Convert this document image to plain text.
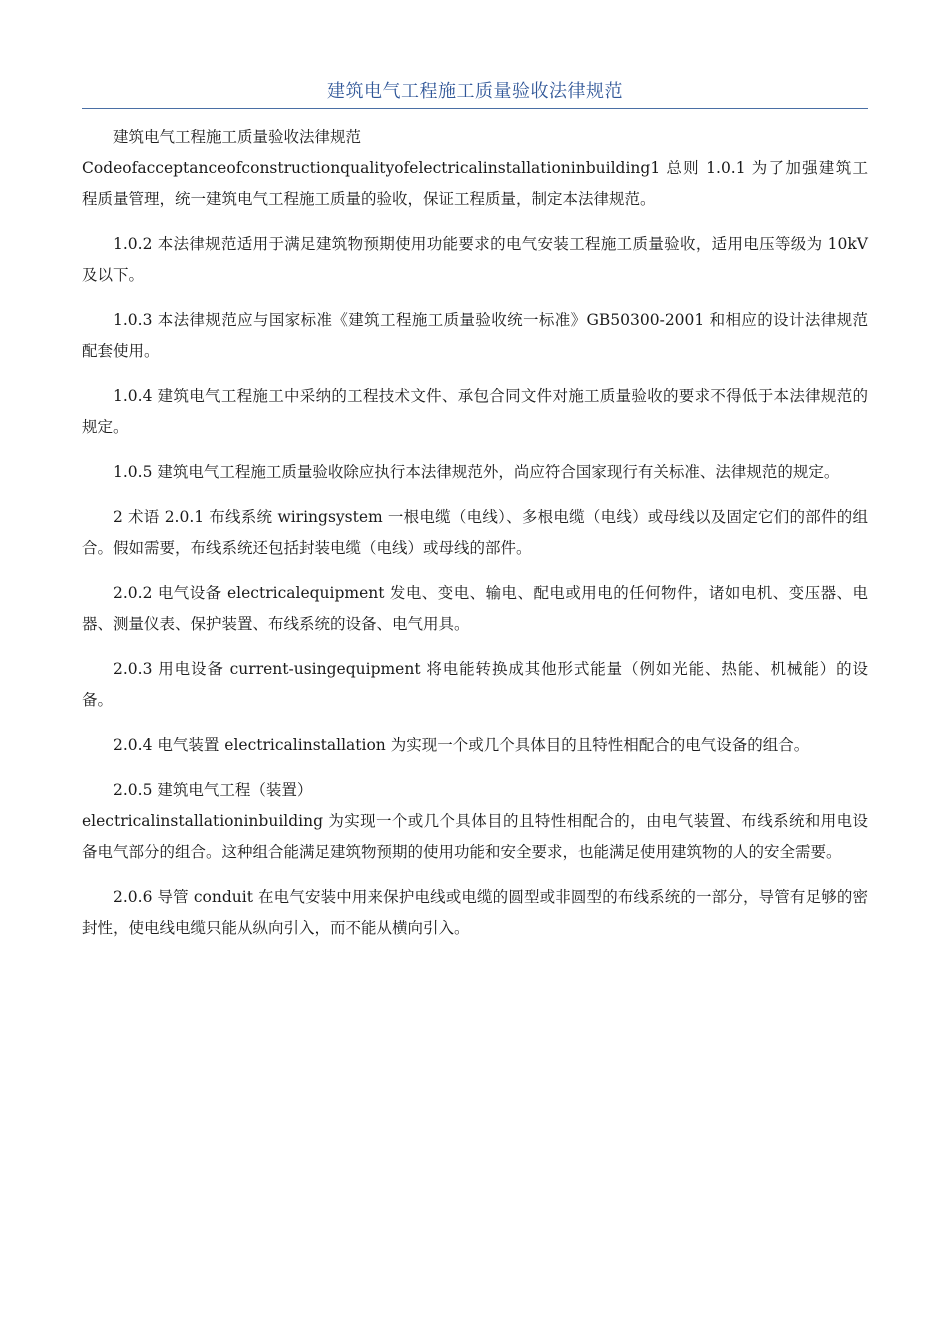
建筑电气工程施工质量验收法律规范

建筑电气工程施工质量验收法律规范

Codeofacceptanceofconstructionqualityofelectricalinstallationinbuilding1 总则 1.0.1 为了加强建筑工程质量管理，统一建筑电气工程施工质量的验收，保证工程质量，制定本法律规范。

1.0.2 本法律规范适用于满足建筑物预期使用功能要求的电气安装工程施工质量验收，适用电压等级为 10kV 及以下。

1.0.3 本法律规范应与国家标准《建筑工程施工质量验收统一标准》GB50300-2001 和相应的设计法律规范配套使用。

1.0.4 建筑电气工程施工中采纳的工程技术文件、承包合同文件对施工质量验收的要求不得低于本法律规范的规定。

1.0.5 建筑电气工程施工质量验收除应执行本法律规范外，尚应符合国家现行有关标准、法律规范的规定。

2 术语 2.0.1 布线系统 wiringsystem 一根电缆（电线）、多根电缆（电线）或母线以及固定它们的部件的组合。假如需要，布线系统还包括封装电缆（电线）或母线的部件。

2.0.2 电气设备 electricalequipment 发电、变电、输电、配电或用电的任何物件，诸如电机、变压器、电器、测量仪表、保护装置、布线系统的设备、电气用具。

2.0.3 用电设备 current-usingequipment 将电能转换成其他形式能量（例如光能、热能、机械能）的设备。

2.0.4 电气装置 electricalinstallation 为实现一个或几个具体目的且特性相配合的电气设备的组合。

2.0.5 建筑电气工程（装置）

electricalinstallationinbuilding 为实现一个或几个具体目的且特性相配合的，由电气装置、布线系统和用电设备电气部分的组合。这种组合能满足建筑物预期的使用功能和安全要求，也能满足使用建筑物的人的安全需要。

2.0.6 导管 conduit 在电气安装中用来保护电线或电缆的圆型或非圆型的布线系统的一部分，导管有足够的密封性，使电线电缆只能从纵向引入，而不能从横向引入。
